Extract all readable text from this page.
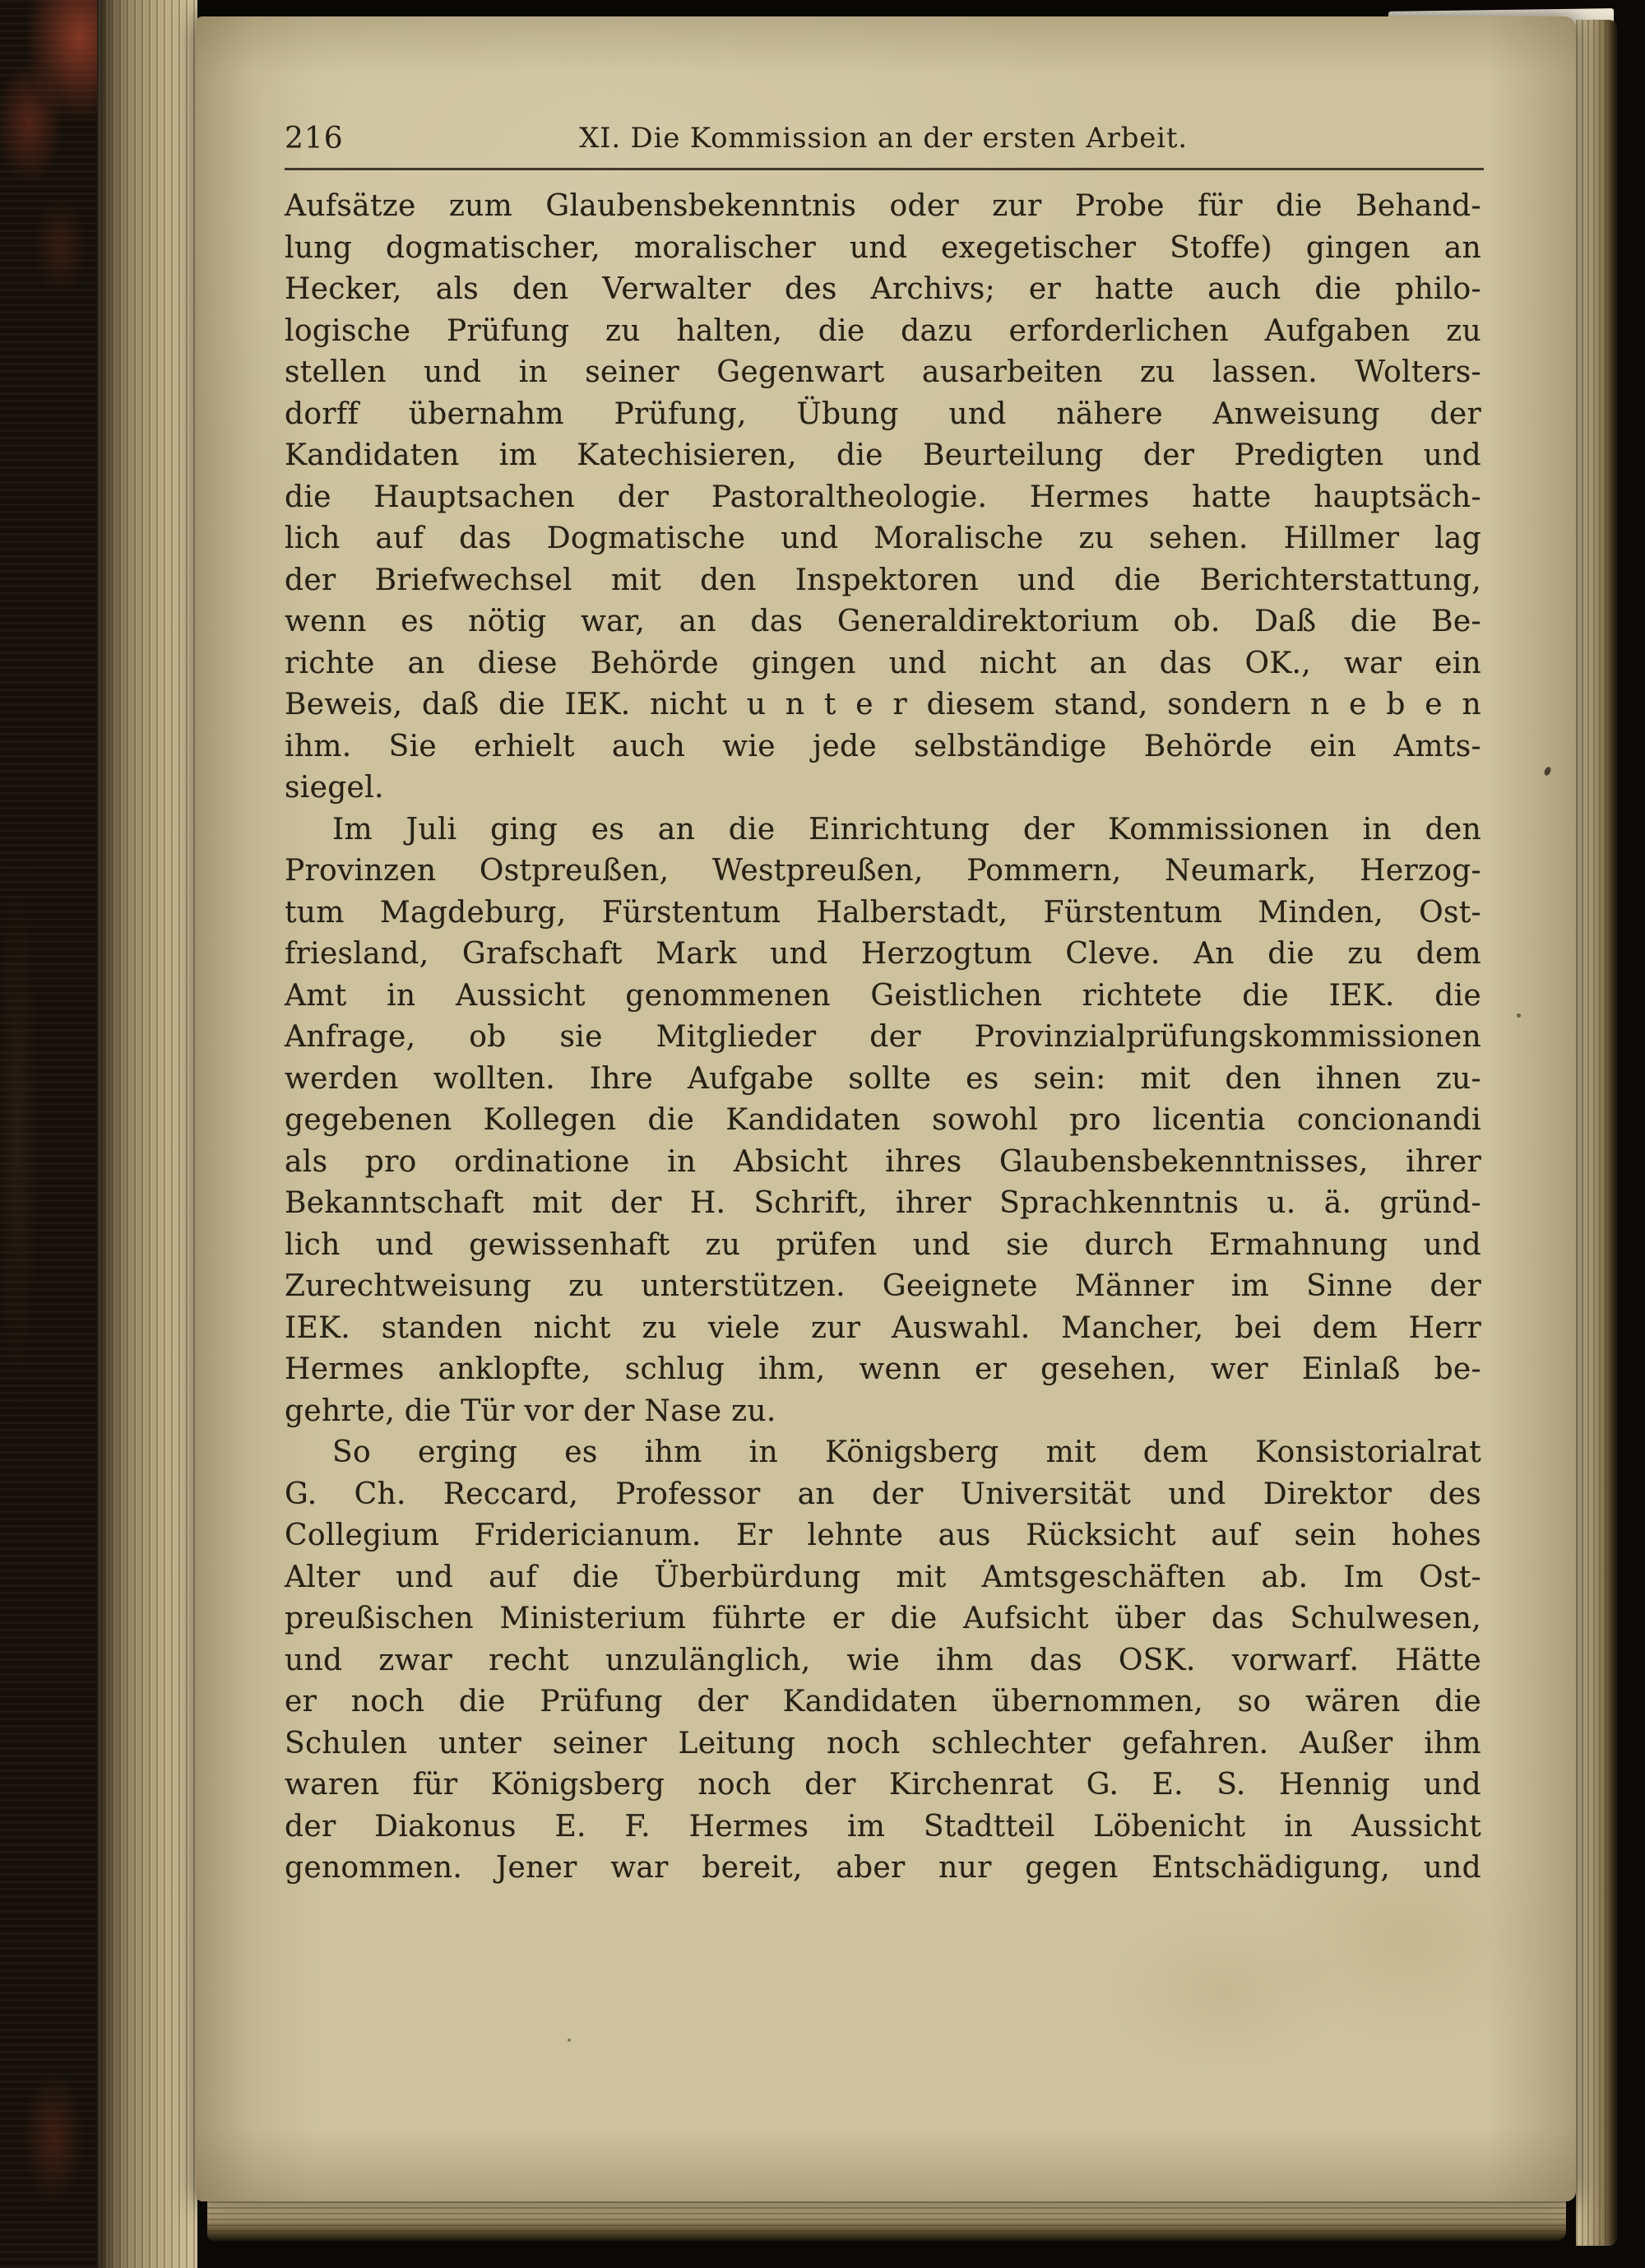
216	XI. Die Kommission an der ersten Arbeit.
Aufsätze zum Glaubensbekenntnis oder zur Probe für die Behand-
lung dogmatischer, moralischer und exegetischer Stoffe) gingen an
Hecker, als den Verwalter des Archivs; er hatte auch die philo-
logische Prüfung zu halten, die dazu erforderlichen Aufgaben zu
stellen und in seiner Gegenwart ausarbeiten zu lassen. Wolters-
dorff übernahm Prüfung, Übung und nähere Anweisung der
Kandidaten im Katechisieren, die Beurteilung der Predigten und
die Hauptsachen der Pastoraltheologie. Hermes hatte hauptsäch-
lich auf das Dogmatische und Moralische zu sehen. Hillmer lag
der Briefwechsel mit den Inspektoren und die Berichterstattung,
wenn es nötig war, an das Generaldirektorium ob. Daß die Be-
richte an diese Behörde gingen und nicht an das OK., war ein
Beweis, daß die IEK. nicht u n t e r diesem stand, sondern n e b e n
ihm. Sie erhielt auch wie jede selbständige Behörde ein Amts-
siegel.
Im Juli ging es an die Einrichtung der Kommissionen in den
Provinzen Ostpreußen, Westpreußen, Pommern, Neumark, Herzog-
tum Magdeburg, Fürstentum Halberstadt, Fürstentum Minden, Ost-
friesland, Grafschaft Mark und Herzogtum Cleve. An die zu dem
Amt in Aussicht genommenen Geistlichen richtete die IEK. die
Anfrage, ob sie Mitglieder der Provinzialprüfungskommissionen
werden wollten. Ihre Aufgabe sollte es sein: mit den ihnen zu-
gegebenen Kollegen die Kandidaten sowohl pro licentia concionandi
als pro ordinatione in Absicht ihres Glaubensbekenntnisses, ihrer
Bekanntschaft mit der H. Schrift, ihrer Sprachkenntnis u. ä. gründ-
lich und gewissenhaft zu prüfen und sie durch Ermahnung und
Zurechtweisung zu unterstützen. Geeignete Männer im Sinne der
IEK. standen nicht zu viele zur Auswahl. Mancher, bei dem Herr
Hermes anklopfte, schlug ihm, wenn er gesehen, wer Einlaß be-
gehrte, die Tür vor der Nase zu.
So erging es ihm in Königsberg mit dem Konsistorialrat
G. Ch. Reccard, Professor an der Universität und Direktor des
Collegium Fridericianum. Er lehnte aus Rücksicht auf sein hohes
Alter und auf die Überbürdung mit Amtsgeschäften ab. Im Ost-
preußischen Ministerium führte er die Aufsicht über das Schulwesen,
und zwar recht unzulänglich, wie ihm das OSK. vorwarf. Hätte
er noch die Prüfung der Kandidaten übernommen, so wären die
Schulen unter seiner Leitung noch schlechter gefahren. Außer ihm
waren für Königsberg noch der Kirchenrat G. E. S. Hennig und
der Diakonus E. F. Hermes im Stadtteil Löbenicht in Aussicht
genommen. Jener war bereit, aber nur gegen Entschädigung, und
